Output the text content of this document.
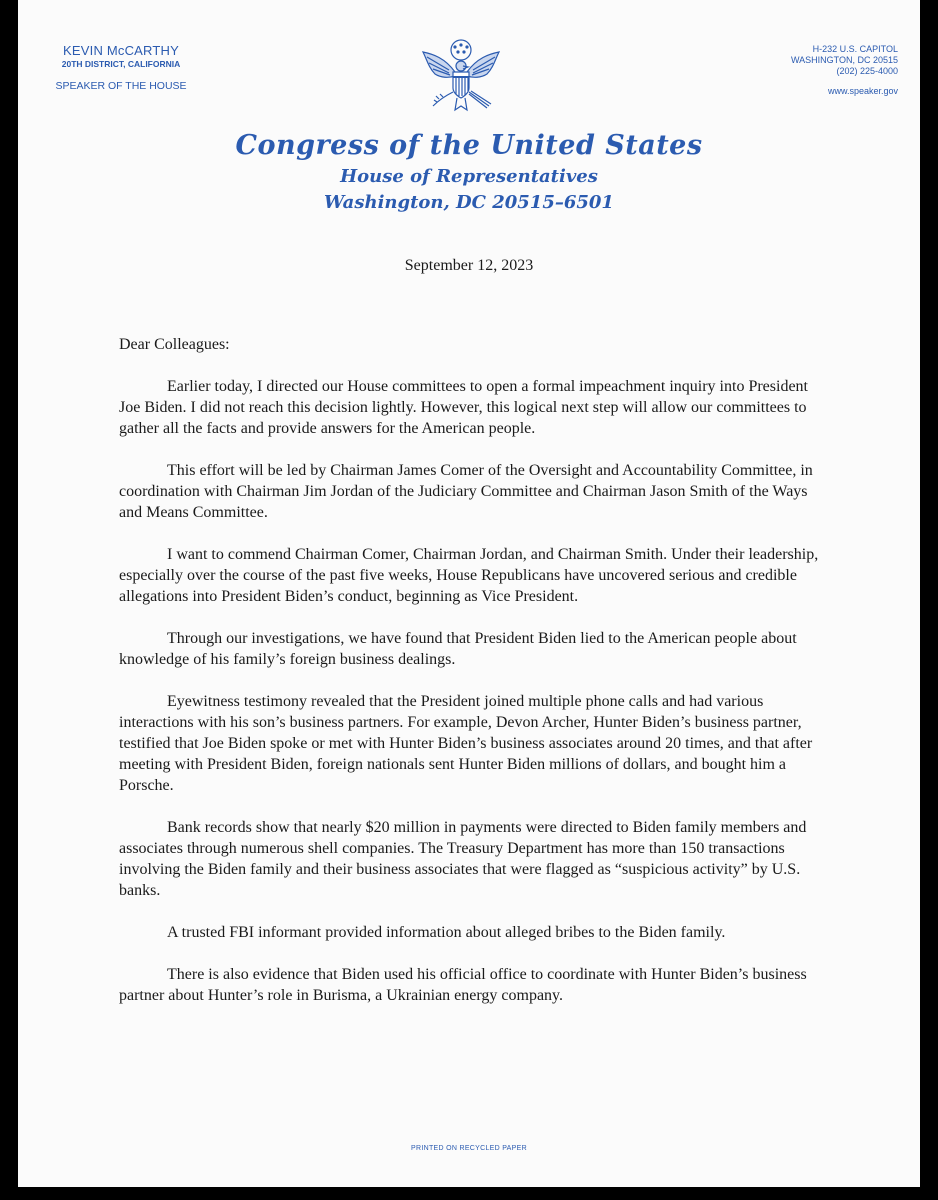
KEVIN McCARTHY
20TH DISTRICT, CALIFORNIA
SPEAKER OF THE HOUSE
H-232 U.S. CAPITOL
WASHINGTON, DC 20515
(202) 225-4000
www.speaker.gov
Congress of the United States
House of Representatives
Washington, DC 20515–6501
September 12, 2023

Dear Colleagues:

Earlier today, I directed our House committees to open a formal impeachment inquiry into President Joe Biden. I did not reach this decision lightly. However, this logical next step will allow our committees to gather all the facts and provide answers for the American people.

This effort will be led by Chairman James Comer of the Oversight and Accountability Committee, in coordination with Chairman Jim Jordan of the Judiciary Committee and Chairman Jason Smith of the Ways and Means Committee.

I want to commend Chairman Comer, Chairman Jordan, and Chairman Smith. Under their leadership, especially over the course of the past five weeks, House Republicans have uncovered serious and credible allegations into President Biden’s conduct, beginning as Vice President.

Through our investigations, we have found that President Biden lied to the American people about knowledge of his family’s foreign business dealings.

Eyewitness testimony revealed that the President joined multiple phone calls and had various interactions with his son’s business partners. For example, Devon Archer, Hunter Biden’s business partner, testified that Joe Biden spoke or met with Hunter Biden’s business associates around 20 times, and that after meeting with President Biden, foreign nationals sent Hunter Biden millions of dollars, and bought him a Porsche.

Bank records show that nearly $20 million in payments were directed to Biden family members and associates through numerous shell companies. The Treasury Department has more than 150 transactions involving the Biden family and their business associates that were flagged as “suspicious activity” by U.S. banks.

A trusted FBI informant provided information about alleged bribes to the Biden family.

There is also evidence that Biden used his official office to coordinate with Hunter Biden’s business partner about Hunter’s role in Burisma, a Ukrainian energy company.

PRINTED ON RECYCLED PAPER
